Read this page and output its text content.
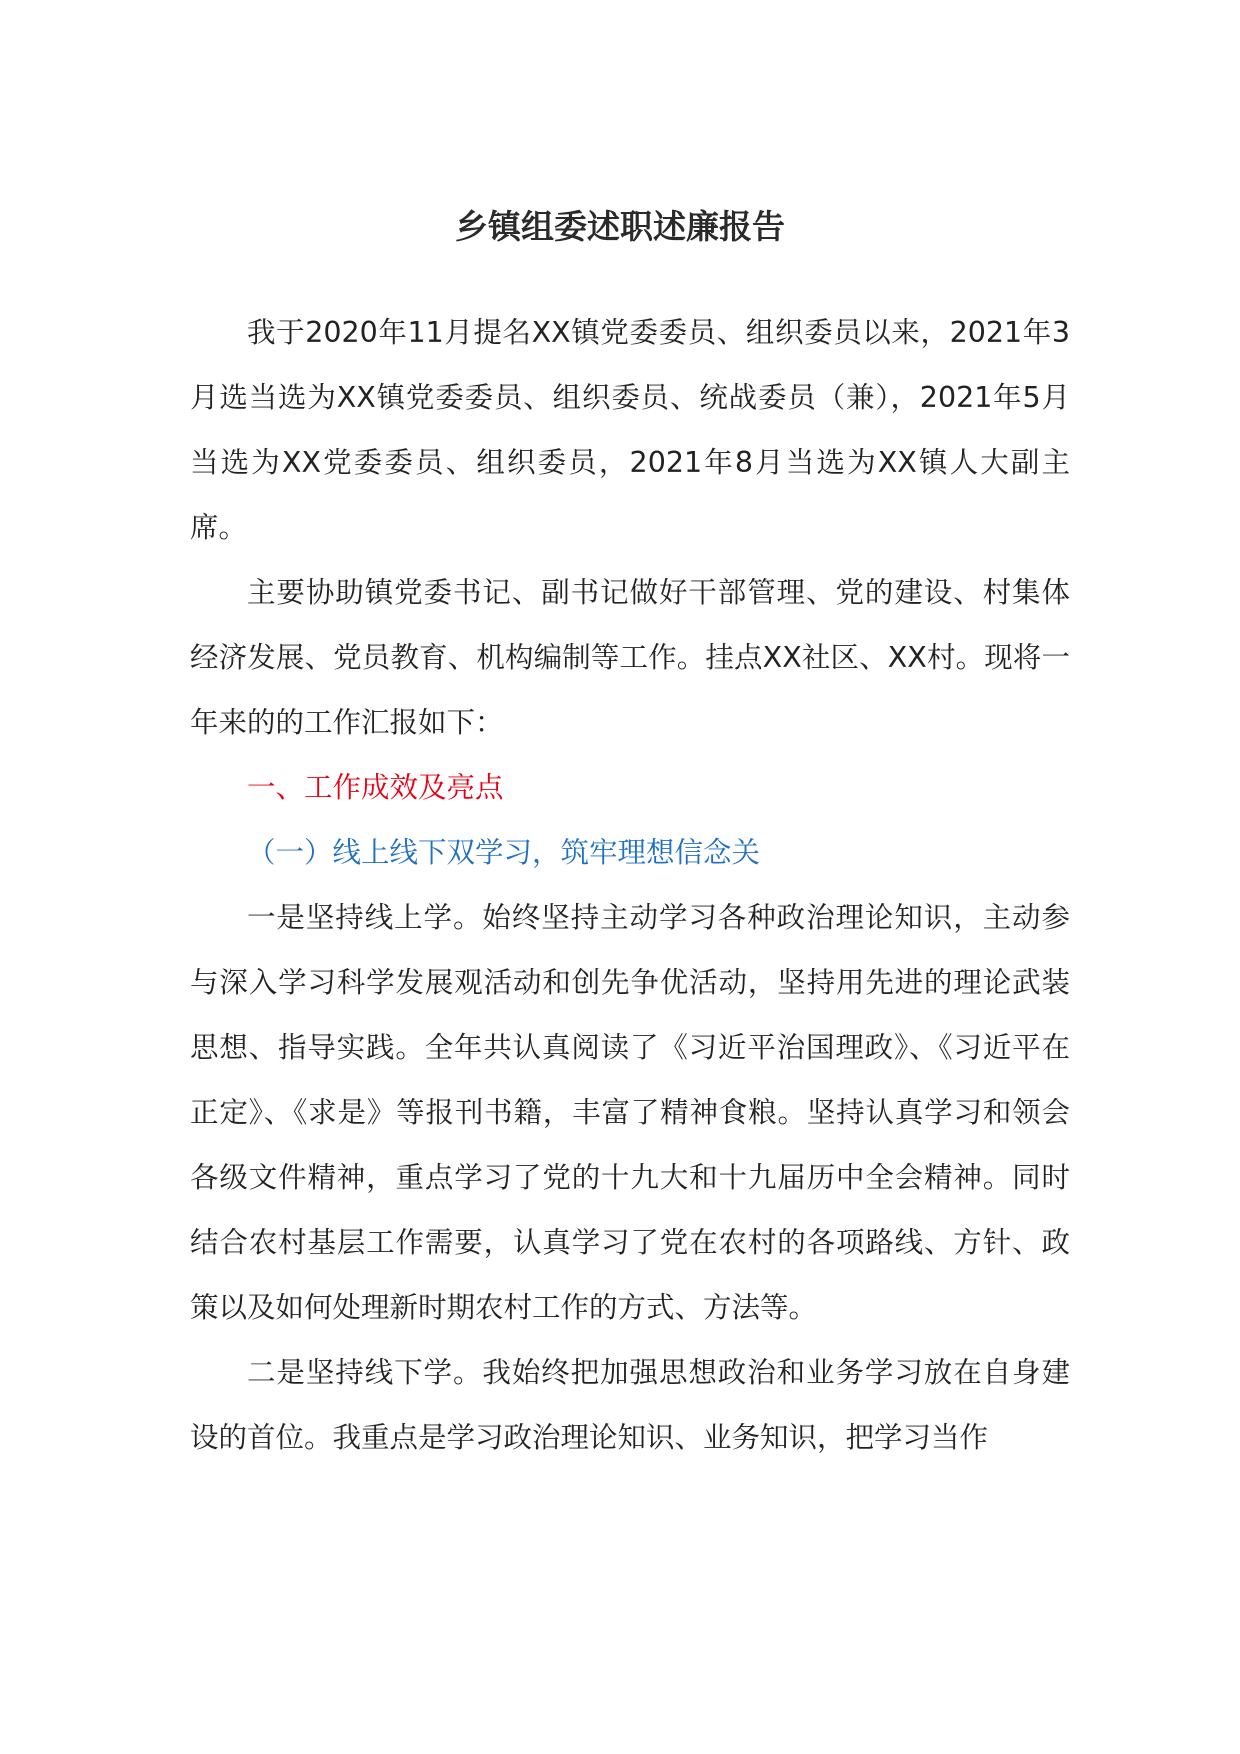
乡镇组委述职述廉报告

我于2020年11月提名XX镇党委委员、组织委员以来，2021年3月选当选为XX镇党委委员、组织委员、统战委员（兼），2021年5月当选为XX党委委员、组织委员，2021年8月当选为XX镇人大副主席。

主要协助镇党委书记、副书记做好干部管理、党的建设、村集体经济发展、党员教育、机构编制等工作。挂点XX社区、XX村。现将一年来的的工作汇报如下：

一、工作成效及亮点

（一）线上线下双学习，筑牢理想信念关

一是坚持线上学。始终坚持主动学习各种政治理论知识，主动参与深入学习科学发展观活动和创先争优活动，坚持用先进的理论武装思想、指导实践。全年共认真阅读了《习近平治国理政》、《习近平在正定》、《求是》等报刊书籍，丰富了精神食粮。坚持认真学习和领会各级文件精神，重点学习了党的十九大和十九届历中全会精神。同时结合农村基层工作需要，认真学习了党在农村的各项路线、方针、政策以及如何处理新时期农村工作的方式、方法等。

二是坚持线下学。我始终把加强思想政治和业务学习放在自身建设的首位。我重点是学习政治理论知识、业务知识，把学习当作
